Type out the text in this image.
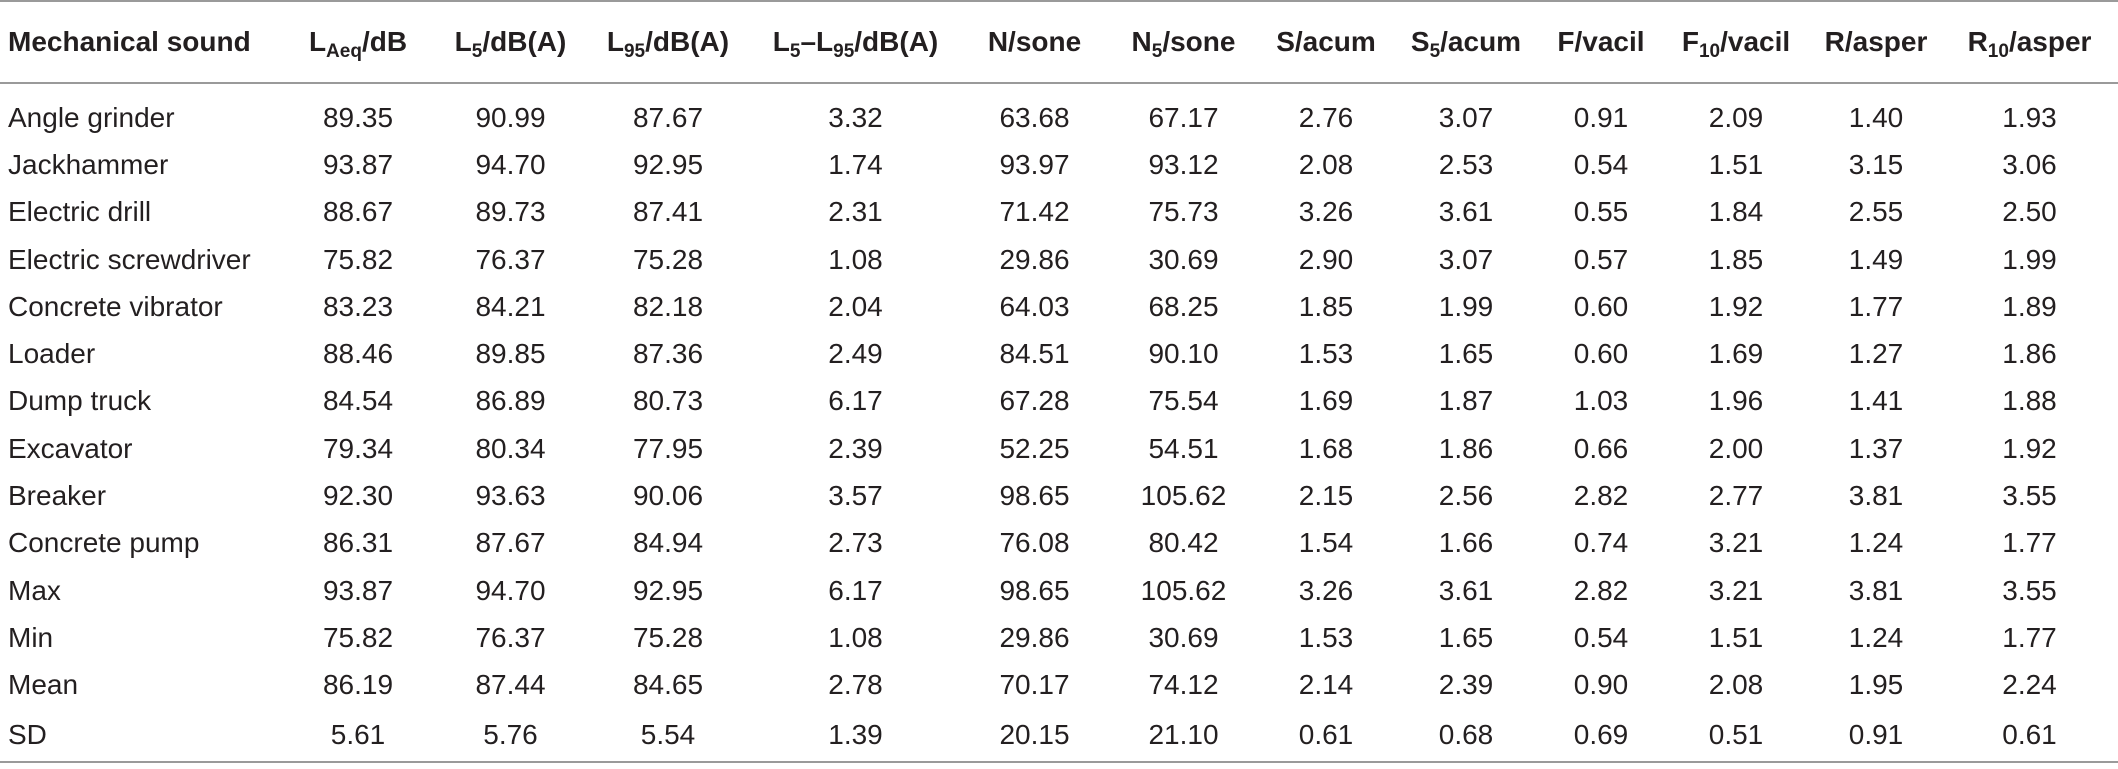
Mechanical sound	$L_{Aeq}/dB$	$L_5/dB(A)$	$L_{95}/dB(A)$	$L_5-L_{95}/dB(A)$	N/sone	$N_5$/sone	S/acum	$S_5$/acum	F/vacil	$F_{10}$/vacil	R/asper	$R_{10}$/asper
Angle grinder	89.35	90.99	87.67	3.32	63.68	67.17	2.76	3.07	0.91	2.09	1.40	1.93
Jackhammer	93.87	94.70	92.95	1.74	93.97	93.12	2.08	2.53	0.54	1.51	3.15	3.06
Electric drill	88.67	89.73	87.41	2.31	71.42	75.73	3.26	3.61	0.55	1.84	2.55	2.50
Electric screwdriver	75.82	76.37	75.28	1.08	29.86	30.69	2.90	3.07	0.57	1.85	1.49	1.99
Concrete vibrator	83.23	84.21	82.18	2.04	64.03	68.25	1.85	1.99	0.60	1.92	1.77	1.89
Loader	88.46	89.85	87.36	2.49	84.51	90.10	1.53	1.65	0.60	1.69	1.27	1.86
Dump truck	84.54	86.89	80.73	6.17	67.28	75.54	1.69	1.87	1.03	1.96	1.41	1.88
Excavator	79.34	80.34	77.95	2.39	52.25	54.51	1.68	1.86	0.66	2.00	1.37	1.92
Breaker	92.30	93.63	90.06	3.57	98.65	105.62	2.15	2.56	2.82	2.77	3.81	3.55
Concrete pump	86.31	87.67	84.94	2.73	76.08	80.42	1.54	1.66	0.74	3.21	1.24	1.77
Max	93.87	94.70	92.95	6.17	98.65	105.62	3.26	3.61	2.82	3.21	3.81	3.55
Min	75.82	76.37	75.28	1.08	29.86	30.69	1.53	1.65	0.54	1.51	1.24	1.77
Mean	86.19	87.44	84.65	2.78	70.17	74.12	2.14	2.39	0.90	2.08	1.95	2.24
SD	5.61	5.76	5.54	1.39	20.15	21.10	0.61	0.68	0.69	0.51	0.91	0.61
